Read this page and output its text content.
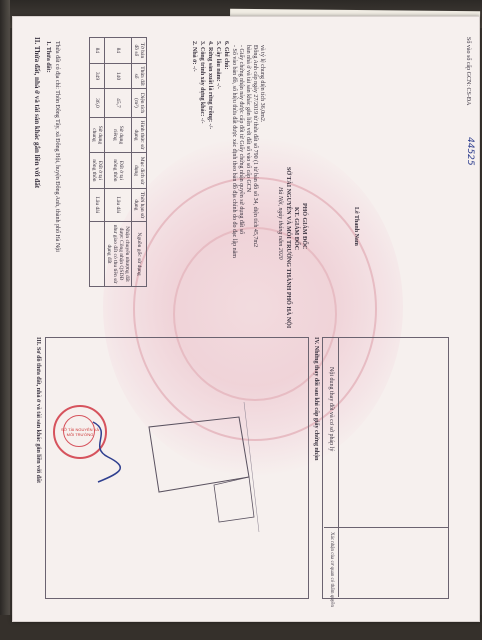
II. Thửa đất, nhà ở và tài sản khác gắn liền với đất 1. Thửa đất: Thửa đất có địa chỉ: Thôn Đông Tây, xã Đông Hội, huyện Đông Anh, thành phố Hà Nội
Tờ bản đồ số	Thửa đất số	Diện tích (m²)	Hình thức sử dụng	Mục đích sử dụng	Thời hạn sử dụng	Nguồn gốc sử dụng
84	140	45,7	Sử dụng riêng	Đất ở tại nông thôn	Lâu dài	Nhận chuyển nhượng đất được Công nhận QSDĐ như giao đất có thu tiền sử dụng đất
84	349	36,0	Sử dụng chung	Đất ở tại nông thôn	Lâu dài	
2. Nhà ở: -/- 3. Công trình xây dựng khác: -/- 4. Rừng sản xuất là rừng trồng: -/- 5. Cây lâu năm: -/- 6. Ghi chú: - Số vào bản đồ, số hiệu thửa đất được xác định theo bản đồ địa chính do đo đạc lập năm - Giấy chứng nhận này được cấp đổi từ Giấy chứng nhận quyền sử dụng đất số bàn nhà ở và tài sản khác gắn liền với đất số vào sổ cấp GCN Đông Anh cấp ngày 27/2019 từ thửa đất số 790 (1 từ bản đồ số 34, diện tích 45,7m2 và tỷ lệ chung diện tích 36,0m2.
Hà Nội, ngày tháng năm 2020 SỞ TÀI NGUYÊN VÀ MÔI TRƯỜNG THÀNH PHỐ HÀ NỘI KT. GIÁM ĐỐC PHÓ GIÁM ĐỐC	Lê Thanh Nam
III. Sơ đồ thửa đất, nhà ở và tài sản khác gắn liền với đất	IV. Những thay đổi sau khi cấp giấy chứng nhận Nội dung thay đổi và cơ sở pháp lý
Xác nhận của cơ quan có thẩm quyền
Số vào sổ cấp GCN: CS-ĐA
44525
SỞ TÀI NGUYÊN VÀ MÔI TRƯỜNG
